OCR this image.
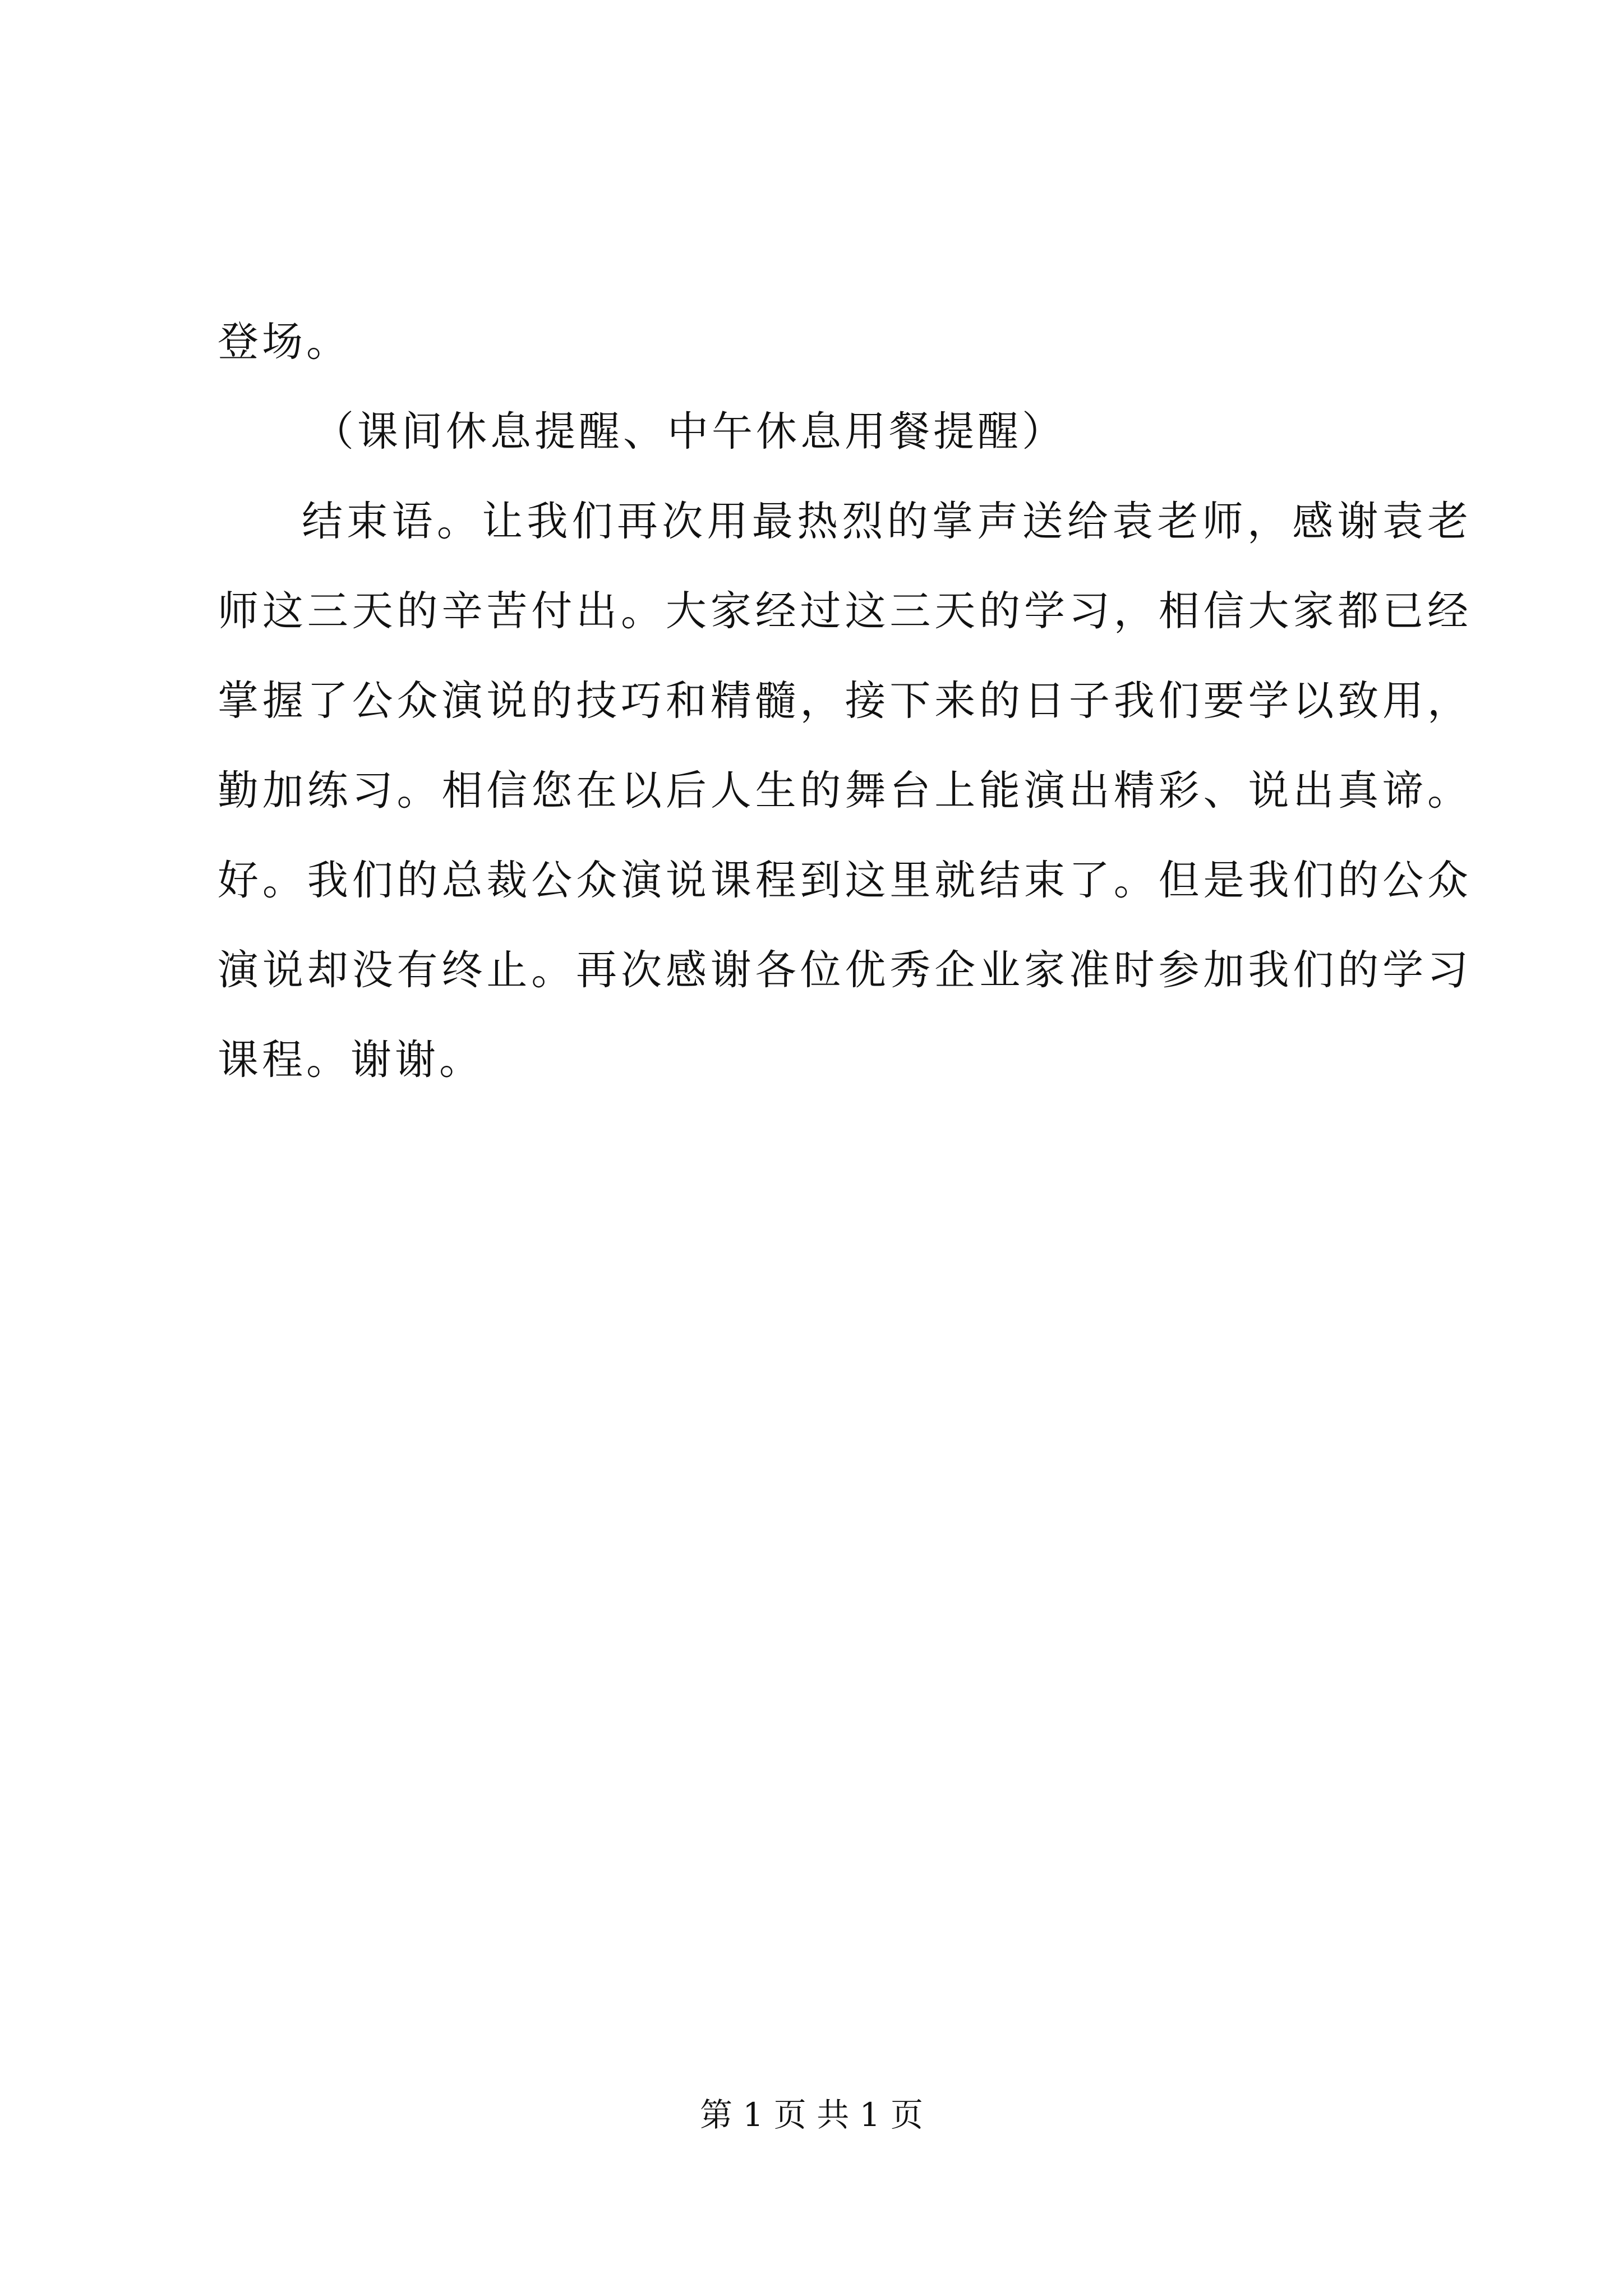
登场。
（课间休息提醒、中午休息用餐提醒）
结束语。让我们再次用最热烈的掌声送给袁老师，感谢袁老
师这三天的辛苦付出。大家经过这三天的学习，相信大家都已经
掌握了公众演说的技巧和精髓，接下来的日子我们要学以致用，
勤加练习。相信您在以后人生的舞台上能演出精彩、说出真谛。
好。我们的总裁公众演说课程到这里就结束了。但是我们的公众
演说却没有终止。再次感谢各位优秀企业家准时参加我们的学习
课程。谢谢。
第 1 页 共 1 页
